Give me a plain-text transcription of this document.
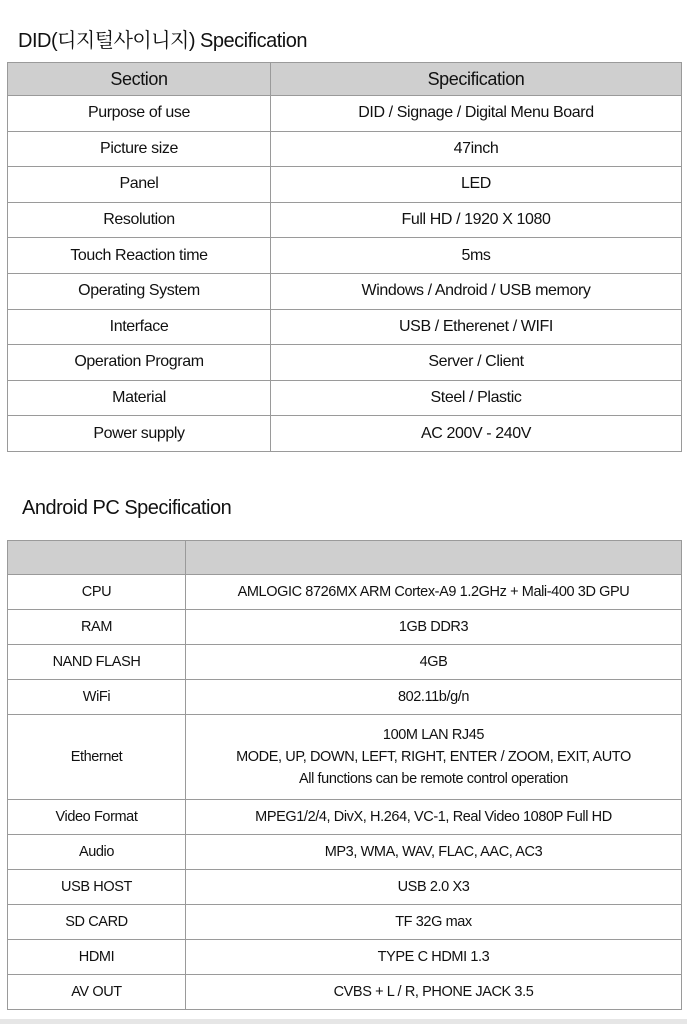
DID(디지털사이니지) Specification
Section	Specification
Purpose of use	DID / Signage / Digital Menu Board
Picture size	47inch
Panel	LED
Resolution	Full HD / 1920 X 1080
Touch Reaction time	5ms
Operating System	Windows / Android / USB memory
Interface	USB / Etherenet / WIFI
Operation Program	Server / Client
Material	Steel / Plastic
Power supply	AC 200V - 240V
Android PC Specification

CPU	AMLOGIC 8726MX ARM Cortex-A9 1.2GHz + Mali-400 3D GPU
RAM	1GB DDR3
NAND FLASH	4GB
WiFi	802.11b/g/n
Ethernet	100M LAN RJ45
MODE, UP, DOWN, LEFT, RIGHT, ENTER / ZOOM, EXIT, AUTO
All functions can be remote control operation

Video Format	MPEG1/2/4, DivX, H.264, VC-1, Real Video 1080P Full HD
Audio	MP3, WMA, WAV, FLAC, AAC, AC3
USB HOST	USB 2.0 X3
SD CARD	TF 32G max
HDMI	TYPE C HDMI 1.3
AV OUT	CVBS + L / R, PHONE JACK 3.5
